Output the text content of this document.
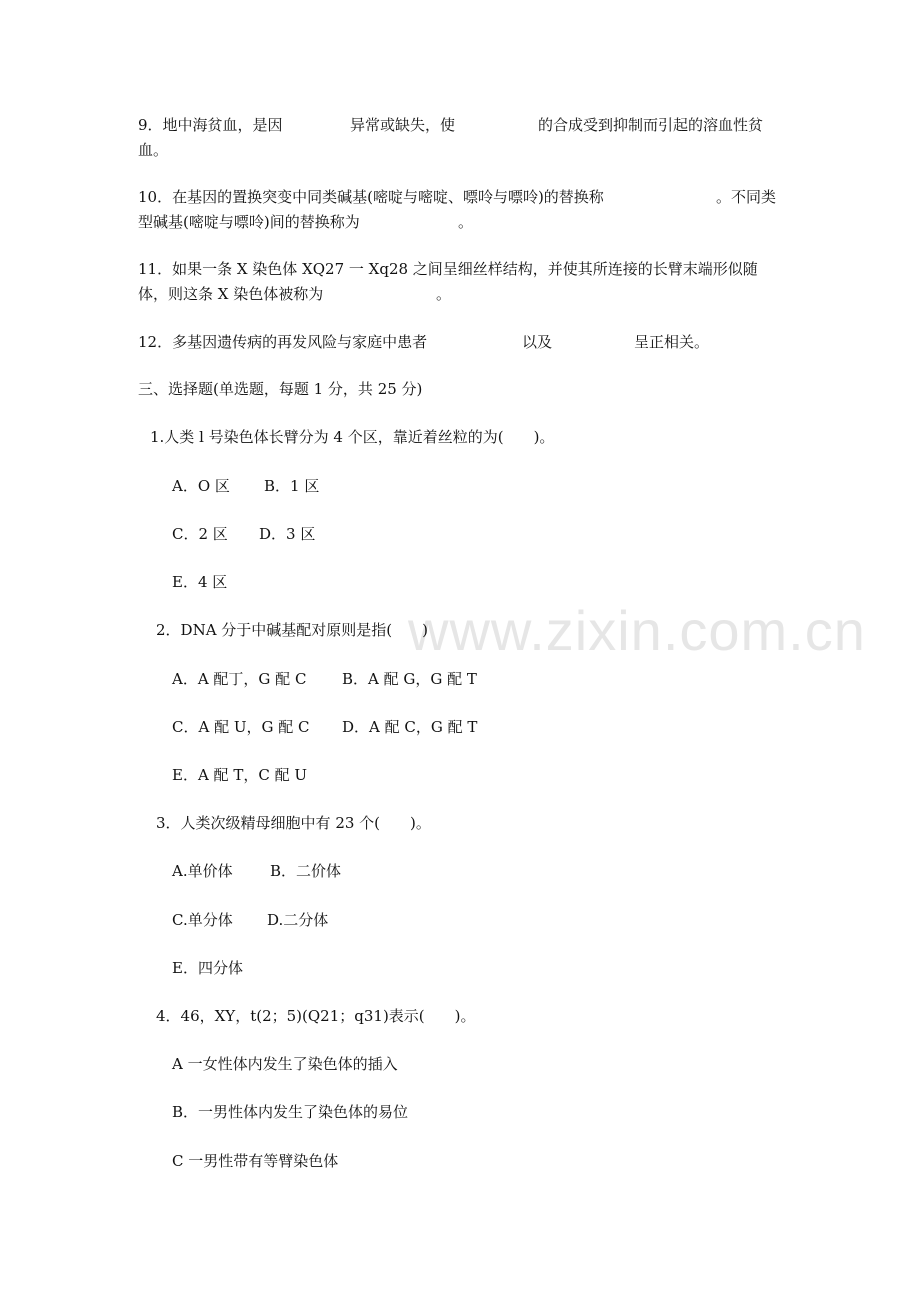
www.zixin.com.cn
9．地中海贫血，是因	异常或缺失，使	的合成受到抑制而引起的溶血性贫
血。
10．在基因的置换突变中同类碱基(嘧啶与嘧啶、嘌呤与嘌呤)的替换称	。不同类
型碱基(嘧啶与嘌呤)间的替换称为	。
11．如果一条 X 染色体 XQ27 一 Xq28 之间呈细丝样结构，并使其所连接的长臂末端形似随
体，则这条 X 染色体被称为	。
12．多基因遗传病的再发风险与家庭中患者	以及	呈正相关。
三、选择题(单选题，每题 1 分，共 25 分)
1.人类 l 号染色体长臂分为 4 个区，靠近着丝粒的为(　　)。
A．O 区 B．1 区
C．2 区 D．3 区
E．4 区
2．DNA 分于中碱基配对原则是指(　　)
A．A 配丁，G 配 C B．A 配 G，G 配 T
C．A 配 U，G 配 C D．A 配 C，G 配 T
E．A 配 T，C 配 U
3．人类次级精母细胞中有 23 个(　　)。
A.单价体 B．二价体
C.单分体 D.二分体
E．四分体
4．46，XY，t(2；5)(Q21；q31)表示(　　)。
A 一女性体内发生了染色体的插入
B．一男性体内发生了染色体的易位
C 一男性带有等臂染色体
